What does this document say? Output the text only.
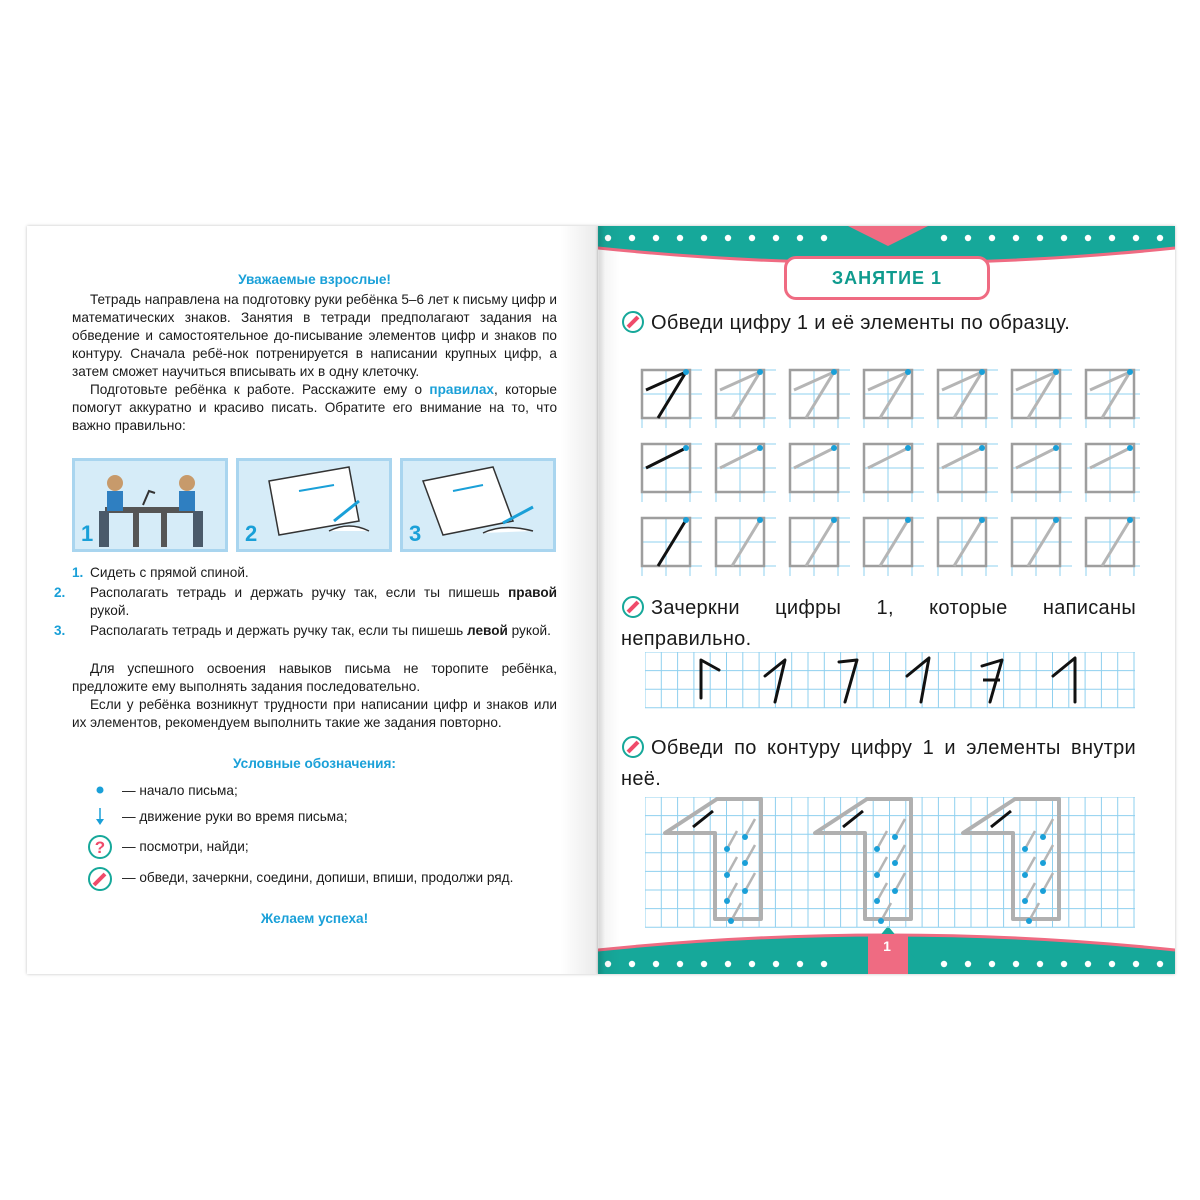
Уважаемые взрослые!

Тетрадь направлена на подготовку руки ребёнка 5–6 лет к письму цифр и математических знаков. Занятия в тетради предполагают задания на обведение и самостоятельное до-писывание элементов цифр и знаков по контуру. Сначала ребё-нок потренируется в написании крупных цифр, а затем сможет научиться вписывать их в одну клеточку.

Подготовьте ребёнка к работе. Расскажите ему о правилах, которые помогут аккуратно и красиво писать. Обратите его внимание на то, что важно правильно:

1	2	3
1. Сидеть с прямой спиной.
2. Располагать тетрадь и держать ручку так, если ты пишешь правой рукой.
3. Располагать тетрадь и держать ручку так, если ты пишешь левой рукой.

Для успешного освоения навыков письма не торопите ребёнка, предложите ему выполнять задания последовательно.

Если у ребёнка возникнут трудности при написании цифр и знаков или их элементов, рекомендуем выполнить такие же задания повторно.

Условные обозначения:
— начало письма;
— движение руки во время письма;
? — посмотри, найди;
— обведи, зачеркни, соедини, допиши, впиши, продолжи ряд.
Желаем успеха!
ЗАНЯТИЕ 1
Обведи цифру 1 и её элементы по образцу.
Зачеркни цифры 1, которые написаны неправильно.
Обведи по контуру цифру 1 и элементы внутри неё.
1
